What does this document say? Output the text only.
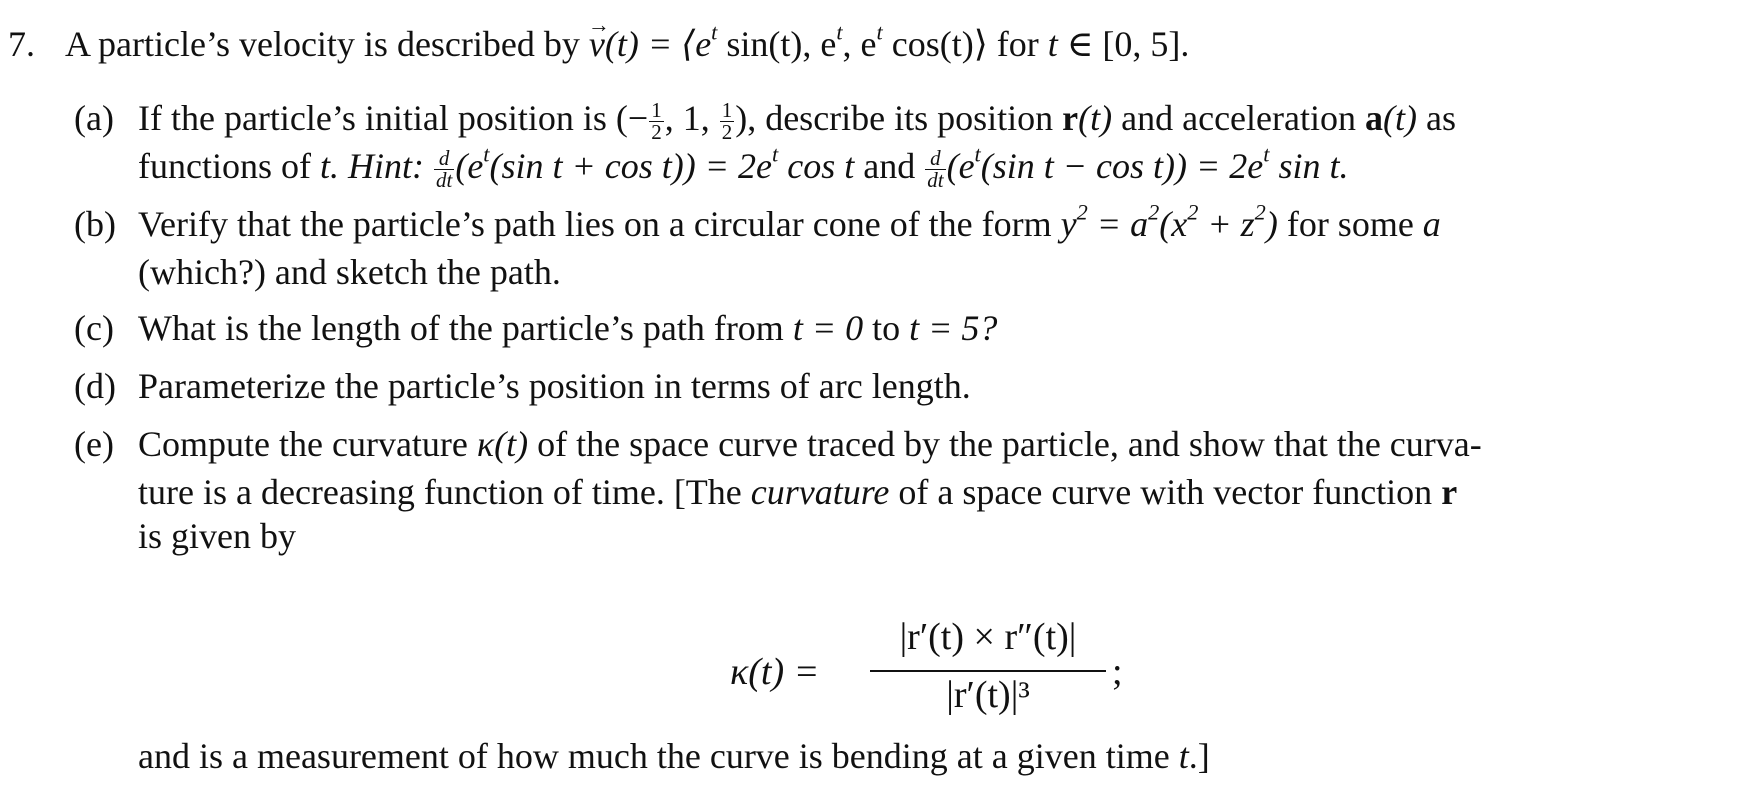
7. A particle’s velocity is described by $v \to(t) = ⟨e^t$ sin(t), $e^t$, $e^t$ cos(t)⟩ for t ∈ [0, 5].
(a) If the particle’s initial position is (− $\frac{1}{2}$ , 1, $\frac{1}{2}$ ), describe its position r(t) and acceleration a(t) as
functions of t. Hint: $\frac{d}{dt} (e^t(\sin$ $t + \cos t)) = 2e^t$ cos t and $\frac{d}{dt} (e^t(\sin$ $t - \cos t)) = 2e^t$ sin t.
(b) Verify that the particle’s path lies on a circular cone of the form $y^2 = a^2(x^2 + z^2)$ for some a
(which?) and sketch the path.
(c) What is the length of the particle’s path from t = 0 to t = 5?
(d) Parameterize the particle’s position in terms of arc length.
(e) Compute the curvature κ(t) of the space curve traced by the particle, and show that the curva-
ture is a decreasing function of time. [The curvature of a space curve with vector function r
is given by
κ(t) =
|r′(t) × r″(t)|
|r′(t)|³
;
and is a measurement of how much the curve is bending at a given time t.]
